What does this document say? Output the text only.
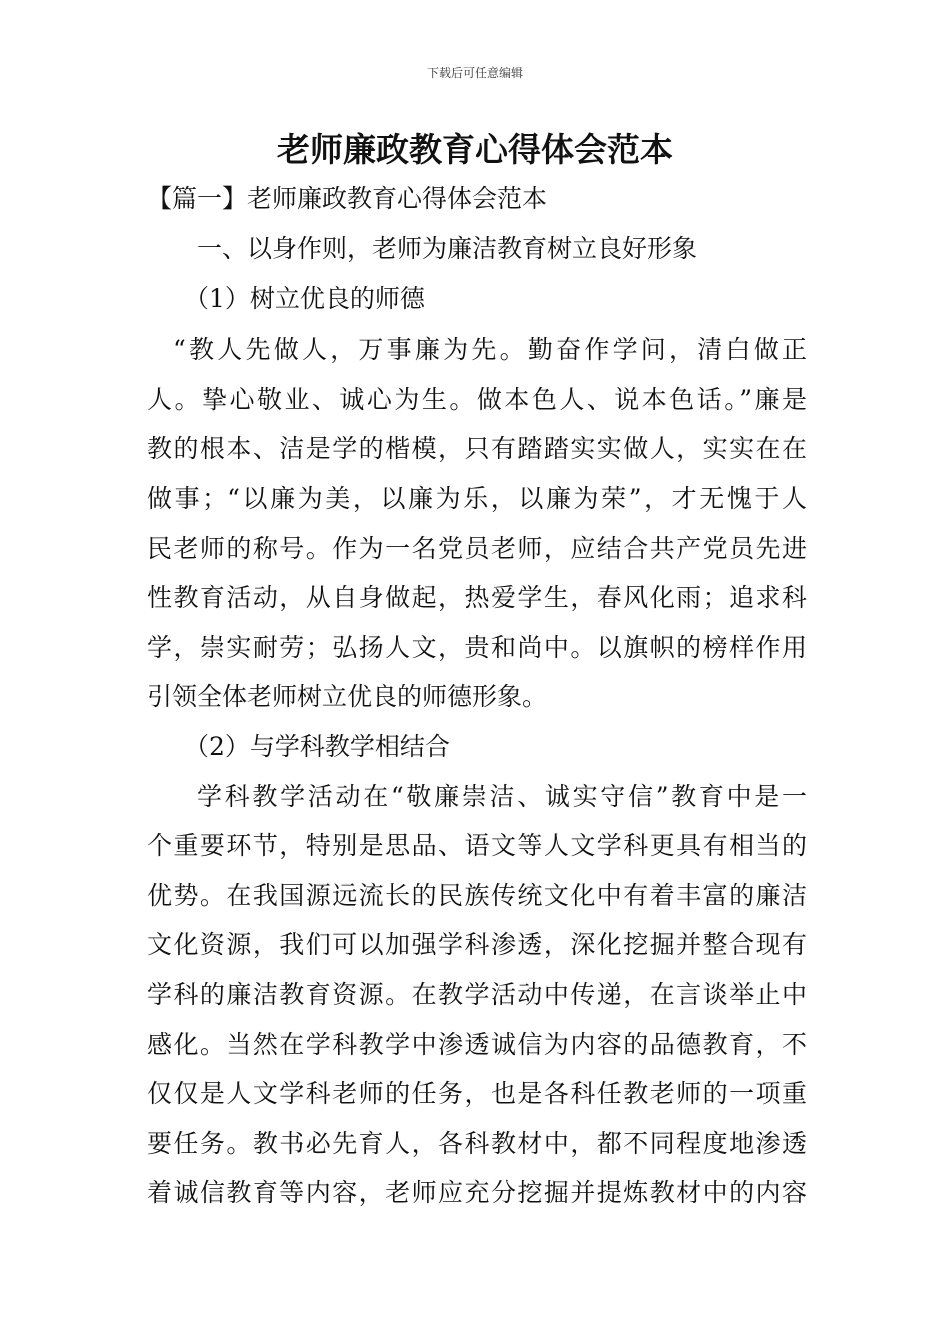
下载后可任意编辑
老师廉政教育心得体会范本

【篇一】老师廉政教育心得体会范本

一、以身作则，老师为廉洁教育树立良好形象

（1）树立优良的师德

“教人先做人，万事廉为先。勤奋作学问，清白做正

人。挚心敬业、诚心为生。做本色人、说本色话。”廉是

教的根本、洁是学的楷模，只有踏踏实实做人，实实在在

做事；“以廉为美，以廉为乐，以廉为荣”，才无愧于人

民老师的称号。作为一名党员老师，应结合共产党员先进

性教育活动，从自身做起，热爱学生，春风化雨；追求科

学，崇实耐劳；弘扬人文，贵和尚中。以旗帜的榜样作用

引领全体老师树立优良的师德形象。

（2）与学科教学相结合

学科教学活动在“敬廉崇洁、诚实守信”教育中是一

个重要环节，特别是思品、语文等人文学科更具有相当的

优势。在我国源远流长的民族传统文化中有着丰富的廉洁

文化资源，我们可以加强学科渗透，深化挖掘并整合现有

学科的廉洁教育资源。在教学活动中传递，在言谈举止中

感化。当然在学科教学中渗透诚信为内容的品德教育，不

仅仅是人文学科老师的任务，也是各科任教老师的一项重

要任务。教书必先育人，各科教材中，都不同程度地渗透

着诚信教育等内容，老师应充分挖掘并提炼教材中的内容
